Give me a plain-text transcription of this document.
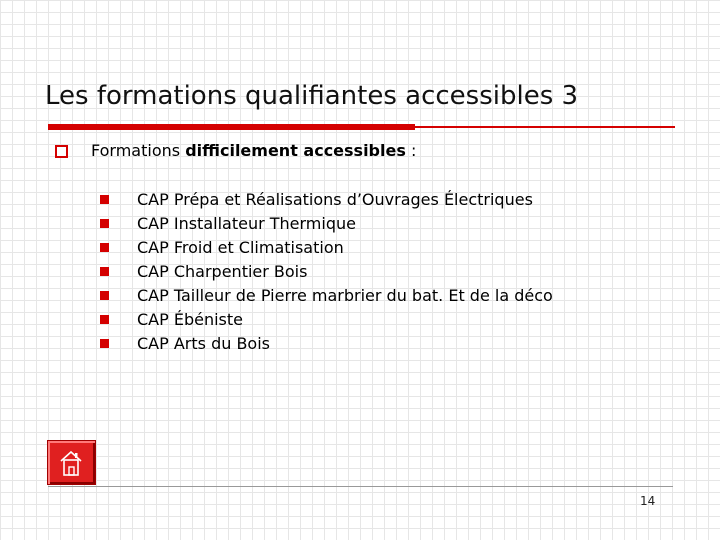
Les formations qualifiantes accessibles 3
Formations difficilement accessibles :
CAP Prépa et Réalisations d’Ouvrages Électriques
CAP Installateur Thermique
CAP Froid et Climatisation
CAP Charpentier Bois
CAP Tailleur de Pierre marbrier du bat. Et de la déco
CAP Ébéniste
CAP Arts du Bois
14
